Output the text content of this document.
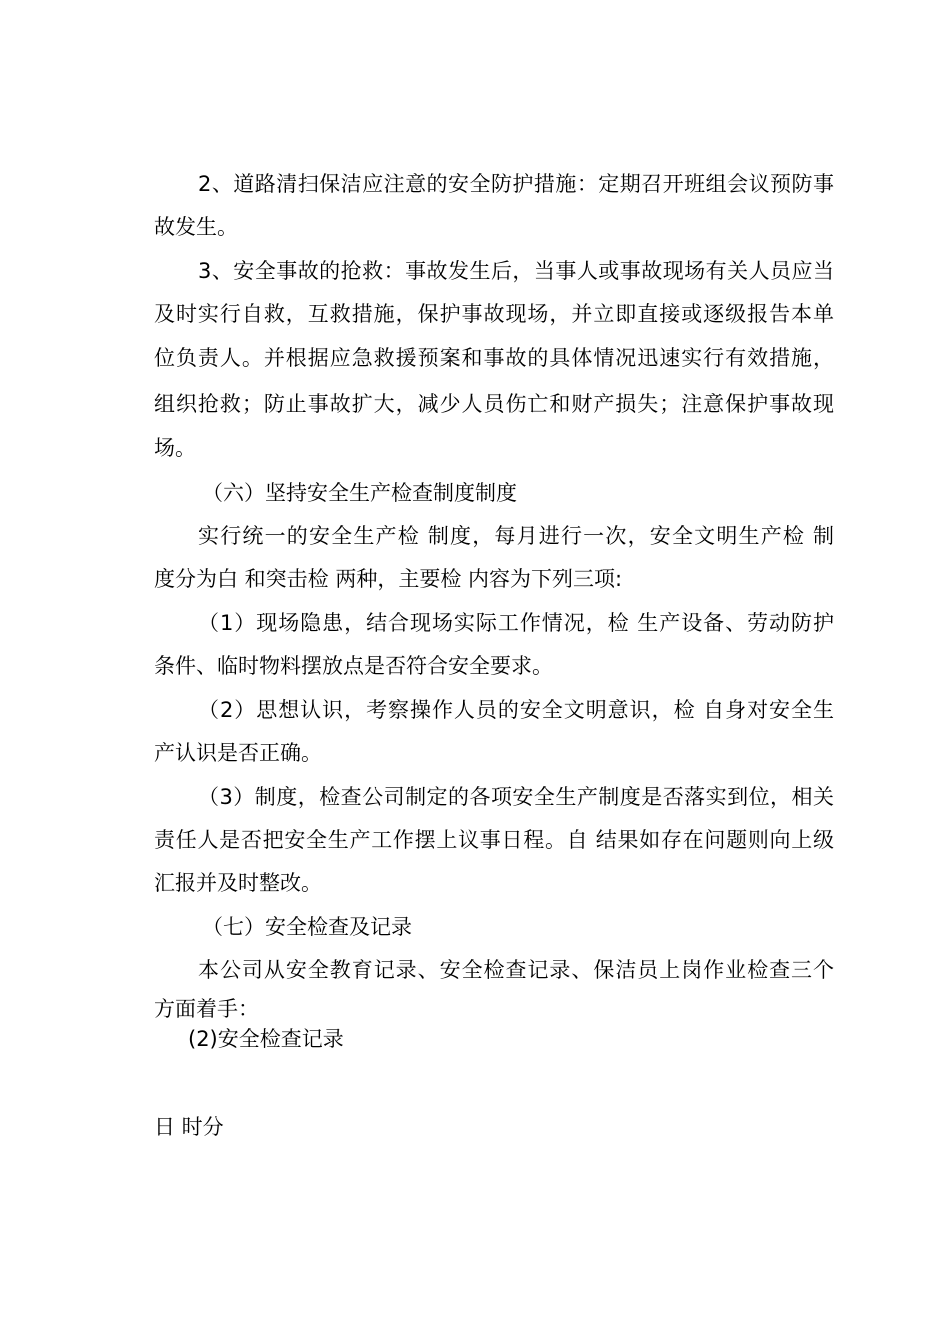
2、道路清扫保洁应注意的安全防护措施：定期召开班组会议预防事
故发生。
3、安全事故的抢救：事故发生后，当事人或事故现场有关人员应当
及时实行自救，互救措施，保护事故现场，并立即直接或逐级报告本单
位负责人。并根据应急救援预案和事故的具体情况迅速实行有效措施，
组织抢救；防止事故扩大，减少人员伤亡和财产损失；注意保护事故现
场。
（六）坚持安全生产检查制度制度
实行统一的安全生产检 制度，每月进行一次，安全文明生产检 制
度分为白 和突击检 两种，主要检 内容为下列三项:
（1）现场隐患，结合现场实际工作情况，检 生产设备、劳动防护
条件、临时物料摆放点是否符合安全要求。
（2）思想认识，考察操作人员的安全文明意识，检 自身对安全生
产认识是否正确。
（3）制度，检查公司制定的各项安全生产制度是否落实到位，相关
责任人是否把安全生产工作摆上议事日程。自 结果如存在问题则向上级
汇报并及时整改。
（七）安全检查及记录
本公司从安全教育记录、安全检查记录、保洁员上岗作业检查三个
方面着手：
(2)安全检查记录
日 时分
